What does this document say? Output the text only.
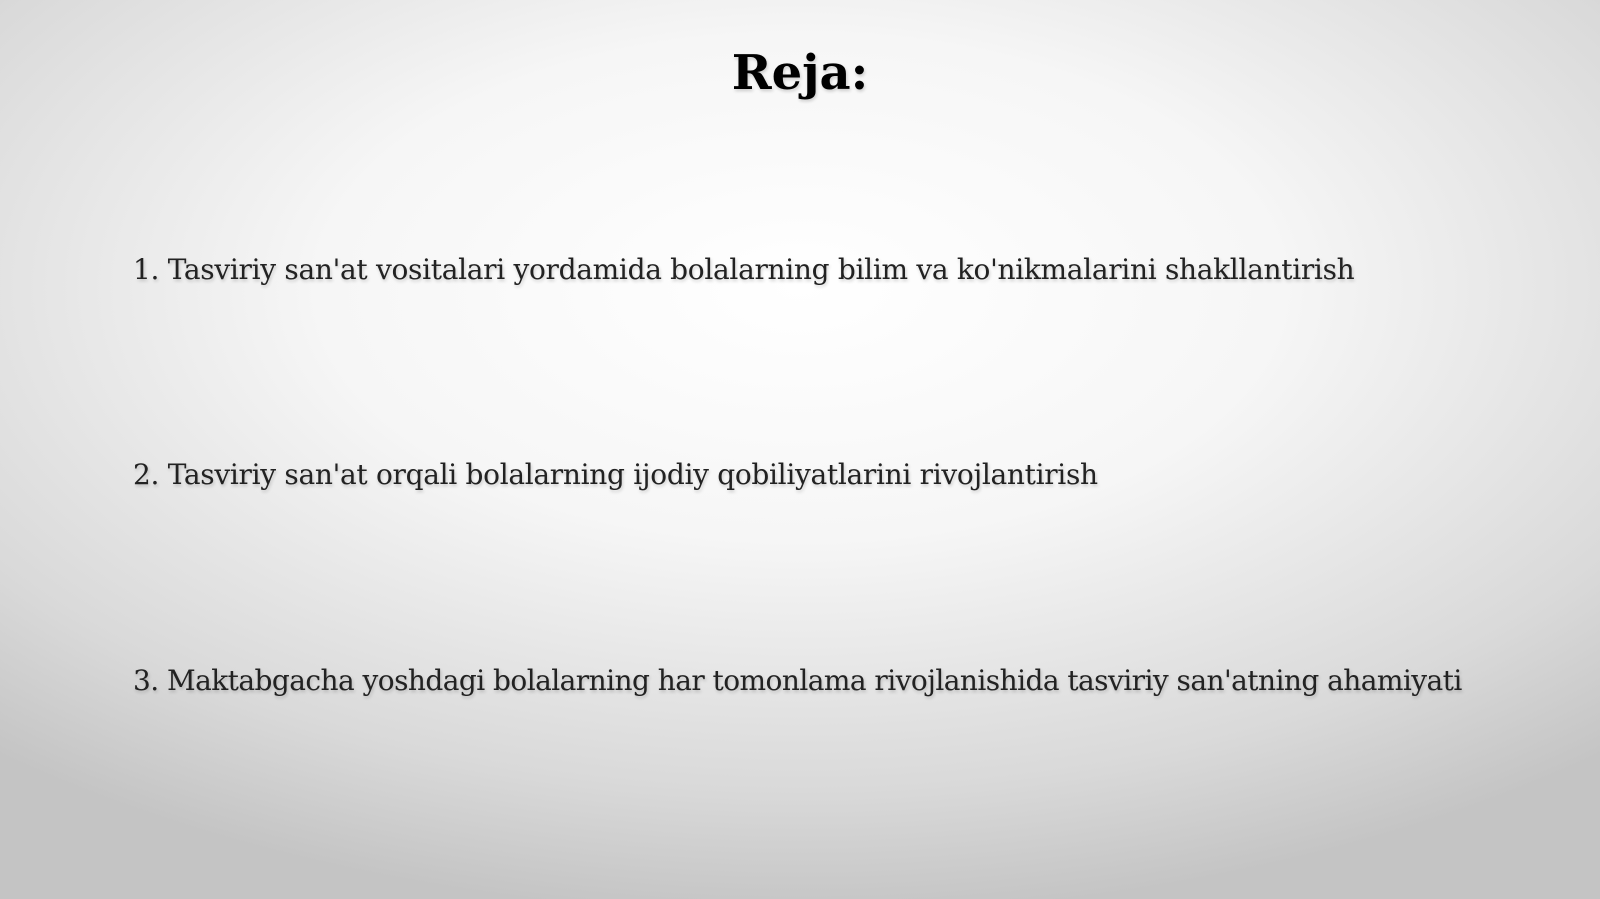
Reja:
1. Tasviriy san'at vositalari yordamida bolalarning bilim va ko'nikmalarini shakllantirish
2. Tasviriy san'at orqali bolalarning ijodiy qobiliyatlarini rivojlantirish
3. Maktabgacha yoshdagi bolalarning har tomonlama rivojlanishida tasviriy san'atning ahamiyati
